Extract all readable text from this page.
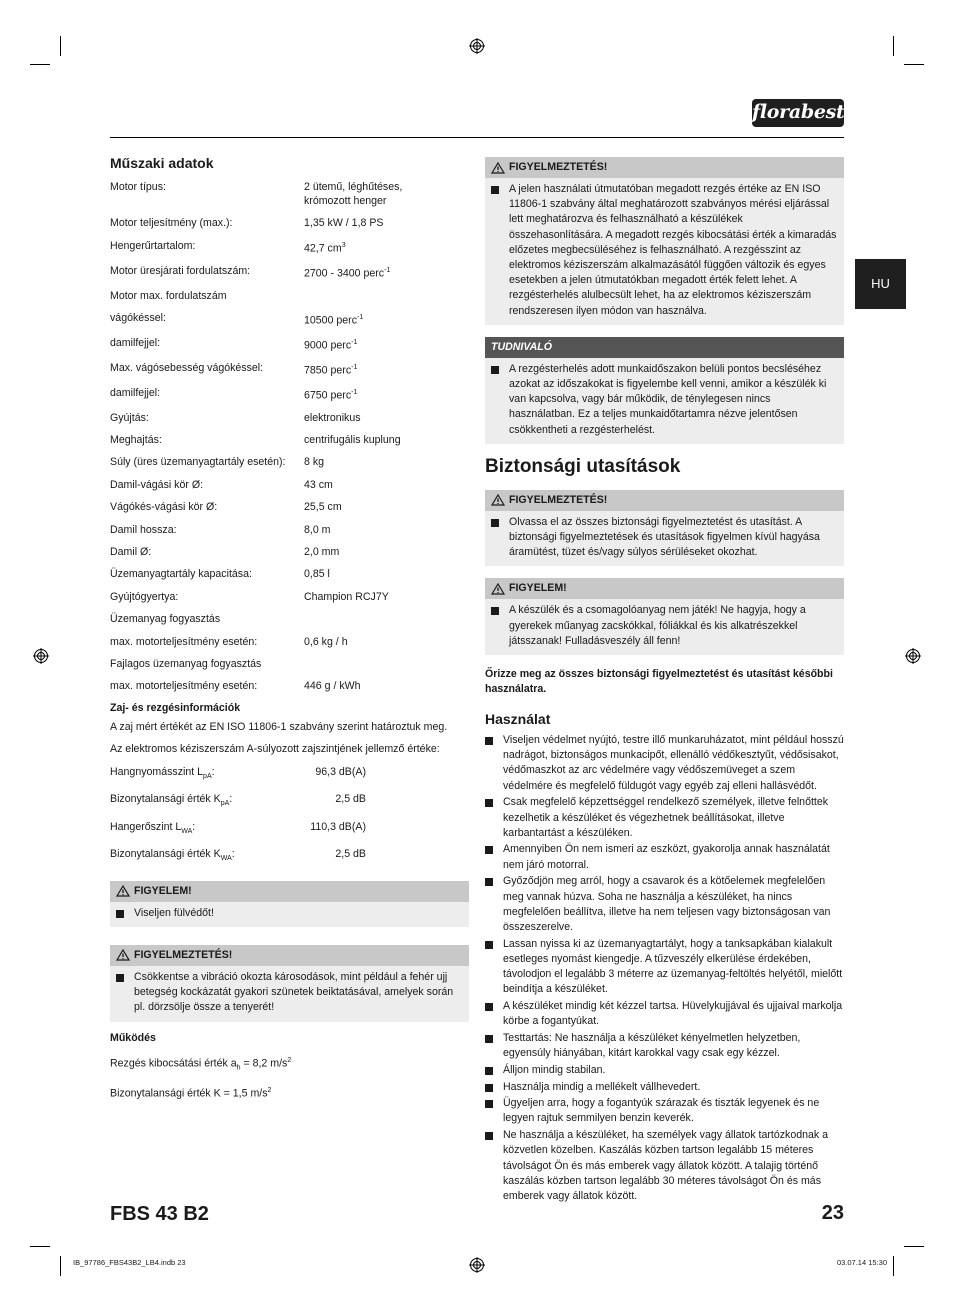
florabest
HU
Műszaki adatok
Motor típus:	2 ütemű, léghűtéses,
krómozott henger
Motor teljesítmény (max.):	1,35 kW / 1,8 PS
Hengerűrtartalom:	42,7 $cm^3$
Motor üresjárati fordulatszám:	2700 - 3400 perc$^{-1}$
Motor max. fordulatszám
vágókéssel:	10500 perc$^{-1}$
damilfejjel:	9000 perc$^{-1}$
Max. vágósebesség vágókéssel:	7850 perc$^{-1}$
damilfejjel:	6750 perc$^{-1}$
Gyújtás:	elektronikus
Meghajtás:	centrifugális kuplung
Súly (üres üzemanyagtartály esetén):	8 kg
Damil-vágási kör Ø:	43 cm
Vágókés-vágási kör Ø:	25,5 cm
Damil hossza:	8,0 m
Damil Ø:	2,0 mm
Üzemanyagtartály kapacitása:	0,85 l
Gyújtógyertya:	Champion RCJ7Y
Üzemanyag fogyasztás
max. motorteljesítmény esetén:	0,6 kg / h
Fajlagos üzemanyag fogyasztás
max. motorteljesítmény esetén:	446 g / kWh
Zaj- és rezgésinformációk

A zaj mért értékét az EN ISO 11806-1 szabvány szerint határoztuk meg.

Az elektromos kéziszerszám A-súlyozott zajszintjének jellemző értéke:

Hangnyomásszint $L_{pA}$:	96,3 dB(A)
Bizonytalansági érték $K_{pA}$:	2,5 dB
Hangerőszint $L_{WA}$:	110,3 dB(A)
Bizonytalansági érték $K_{WA}$:	2,5 dB
FIGYELEM!
Viseljen fülvédőt!
FIGYELMEZTETÉS!
Csökkentse a vibráció okozta károsodások, mint például a fehér ujj betegség kockázatát gyakori szünetek beiktatásával, amelyek során pl. dörzsölje össze a tenyerét!
Működés

Rezgés kibocsátási érték $a_h = 8,2$ $m/s^2$

Bizonytalansági érték K = 1,5 $m/s^2$

FIGYELMEZTETÉS!
A jelen használati útmutatóban megadott rezgés értéke az EN ISO 11806-1 szabvány által meghatározott szabványos mérési eljárással lett meghatározva és felhasználható a készülékek összehasonlítására. A megadott rezgés kibocsátási érték a kimaradás előzetes megbecsüléséhez is felhasználható. A rezgésszint az elektromos kéziszerszám alkalmazásától függően változik és egyes esetekben a jelen útmutatókban megadott érték felett lehet. A rezgésterhelés alulbecsült lehet, ha az elektromos kéziszerszám rendszeresen ilyen módon van használva.
TUDNIVALÓ
A rezgésterhelés adott munkaidőszakon belüli pontos becsléséhez azokat az időszakokat is figyelembe kell venni, amikor a készülék ki van kapcsolva, vagy bár működik, de ténylegesen nincs használatban. Ez a teljes munkaidőtartamra nézve jelentősen csökkentheti a rezgésterhelést.
Biztonsági utasítások
FIGYELMEZTETÉS!
Olvassa el az összes biztonsági figyelmeztetést és utasítást. A biztonsági figyelmeztetések és utasítások figyelmen kívül hagyása áramütést, tüzet és/vagy súlyos sérüléseket okozhat.
FIGYELEM!
A készülék és a csomagolóanyag nem játék! Ne hagyja, hogy a gyerekek műanyag zacskókkal, fóliákkal és kis alkatrészekkel játsszanak! Fulladásveszély áll fenn!
Őrizze meg az összes biztonsági figyelmeztetést és utasítást későbbi használatra.
Használat
Viseljen védelmet nyújtó, testre illő munkaruházatot, mint például hosszú nadrágot, biztonságos munkacipőt, ellenálló védőkesztyűt, védősisakot, védőmaszkot az arc védelmére vagy védőszemüveget a szem védelmére és megfelelő füldugót vagy egyéb zaj elleni hallásvédőt.
Csak megfelelő képzettséggel rendelkező személyek, illetve felnőttek kezelhetik a készüléket és végezhetnek beállításokat, illetve karbantartást a készüléken.
Amennyiben Ön nem ismeri az eszközt, gyakorolja annak használatát nem járó motorral.
Győződjön meg arról, hogy a csavarok és a kötőelemek megfelelően meg vannak húzva. Soha ne használja a készüléket, ha nincs megfelelően beállítva, illetve ha nem teljesen vagy biztonságosan van összeszerelve.
Lassan nyissa ki az üzemanyagtartályt, hogy a tanksapkában kialakult esetleges nyomást kiengedje. A tűzveszély elkerülése érdekében, távolodjon el legalább 3 méterre az üzemanyag-feltöltés helyétől, mielőtt beindítja a készüléket.
A készüléket mindig két kézzel tartsa. Hüvelykujjával és ujjaival markolja körbe a fogantyúkat.
Testtartás: Ne használja a készüléket kényelmetlen helyzetben, egyensúly hiányában, kitárt karokkal vagy csak egy kézzel.
Álljon mindig stabilan.
Használja mindig a mellékelt vállhevedert.
Ügyeljen arra, hogy a fogantyúk szárazak és tiszták legyenek és ne legyen rajtuk semmilyen benzin keverék.
Ne használja a készüléket, ha személyek vagy állatok tartózkodnak a közvetlen közelben. Kaszálás közben tartson legalább 15 méteres távolságot Ön és más emberek vagy állatok között. A talajig történő kaszálás közben tartson legalább 30 méteres távolságot Ön és más emberek vagy állatok között.
FBS 43 B2	23
IB_97786_FBS43B2_LB4.indb 23	03.07.14 15:30
